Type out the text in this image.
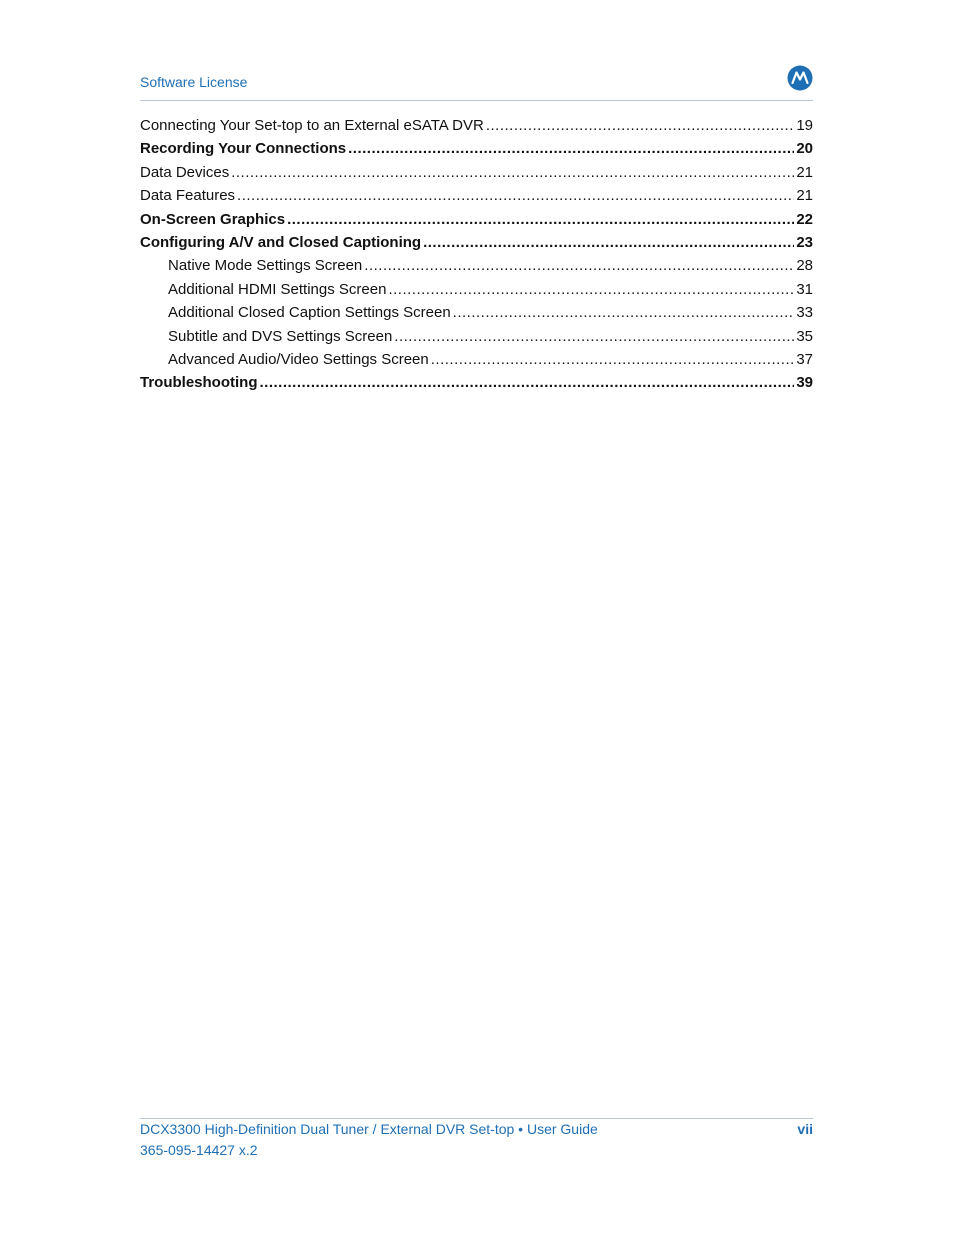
Software License
Connecting Your Set-top to an External eSATA DVR .....	19
Recording Your Connections .....	20
Data Devices .....	21
Data Features .....	21
On-Screen Graphics .....	22
Configuring A/V and Closed Captioning .....	23
Native Mode Settings Screen .....	28
Additional HDMI Settings Screen .....	31
Additional Closed Caption Settings Screen .....	33
Subtitle and DVS Settings Screen .....	35
Advanced Audio/Video Settings Screen .....	37
Troubleshooting .....	39
DCX3300 High-Definition Dual Tuner / External DVR Set-top • User Guide
365-095-14427 x.2
vii
